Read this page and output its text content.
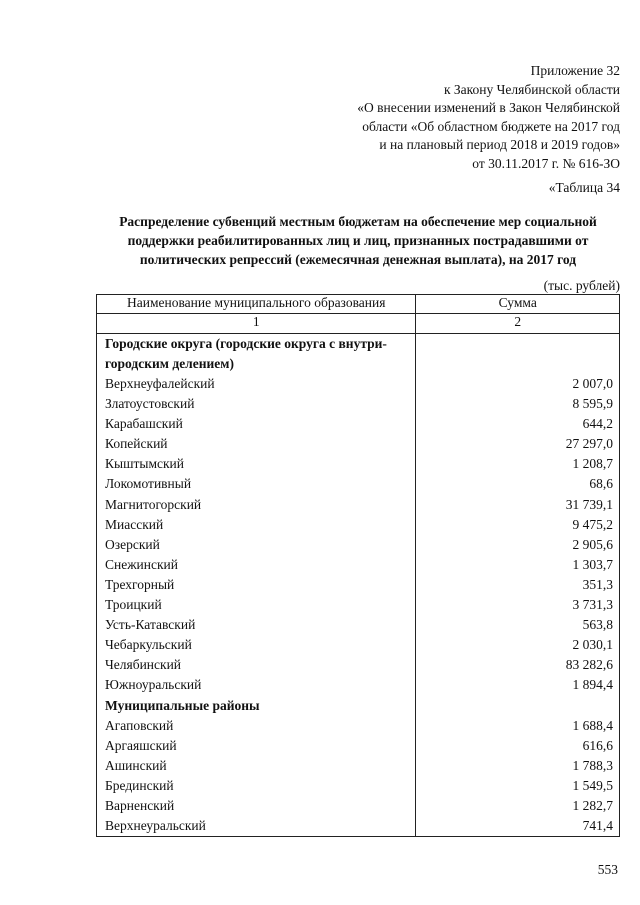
Приложение 32
к Закону Челябинской области
«О внесении изменений в Закон Челябинской
области «Об областном бюджете на 2017 год
и на плановый период 2018 и 2019 годов»
от 30.11.2017 г. № 616-ЗО
«Таблица 34
Распределение субвенций местным бюджетам на обеспечение мер социальной
поддержки реабилитированных лиц и лиц, признанных пострадавшими от
политических репрессий (ежемесячная денежная выплата), на 2017 год
(тыс. рублей)
Наименование муниципального образования	Сумма
1	2
Городские округа (городские округа с внутри-городским делением)	
Верхнеуфалейский	2 007,0
Златоустовский	8 595,9
Карабашский	644,2
Копейский	27 297,0
Кыштымский	1 208,7
Локомотивный	68,6
Магнитогорский	31 739,1
Миасский	9 475,2
Озерский	2 905,6
Снежинский	1 303,7
Трехгорный	351,3
Троицкий	3 731,3
Усть-Катавский	563,8
Чебаркульский	2 030,1
Челябинский	83 282,6
Южноуральский	1 894,4
Муниципальные районы	
Агаповский	1 688,4
Аргаяшский	616,6
Ашинский	1 788,3
Брединский	1 549,5
Варненский	1 282,7
Верхнеуральский	741,4
553
